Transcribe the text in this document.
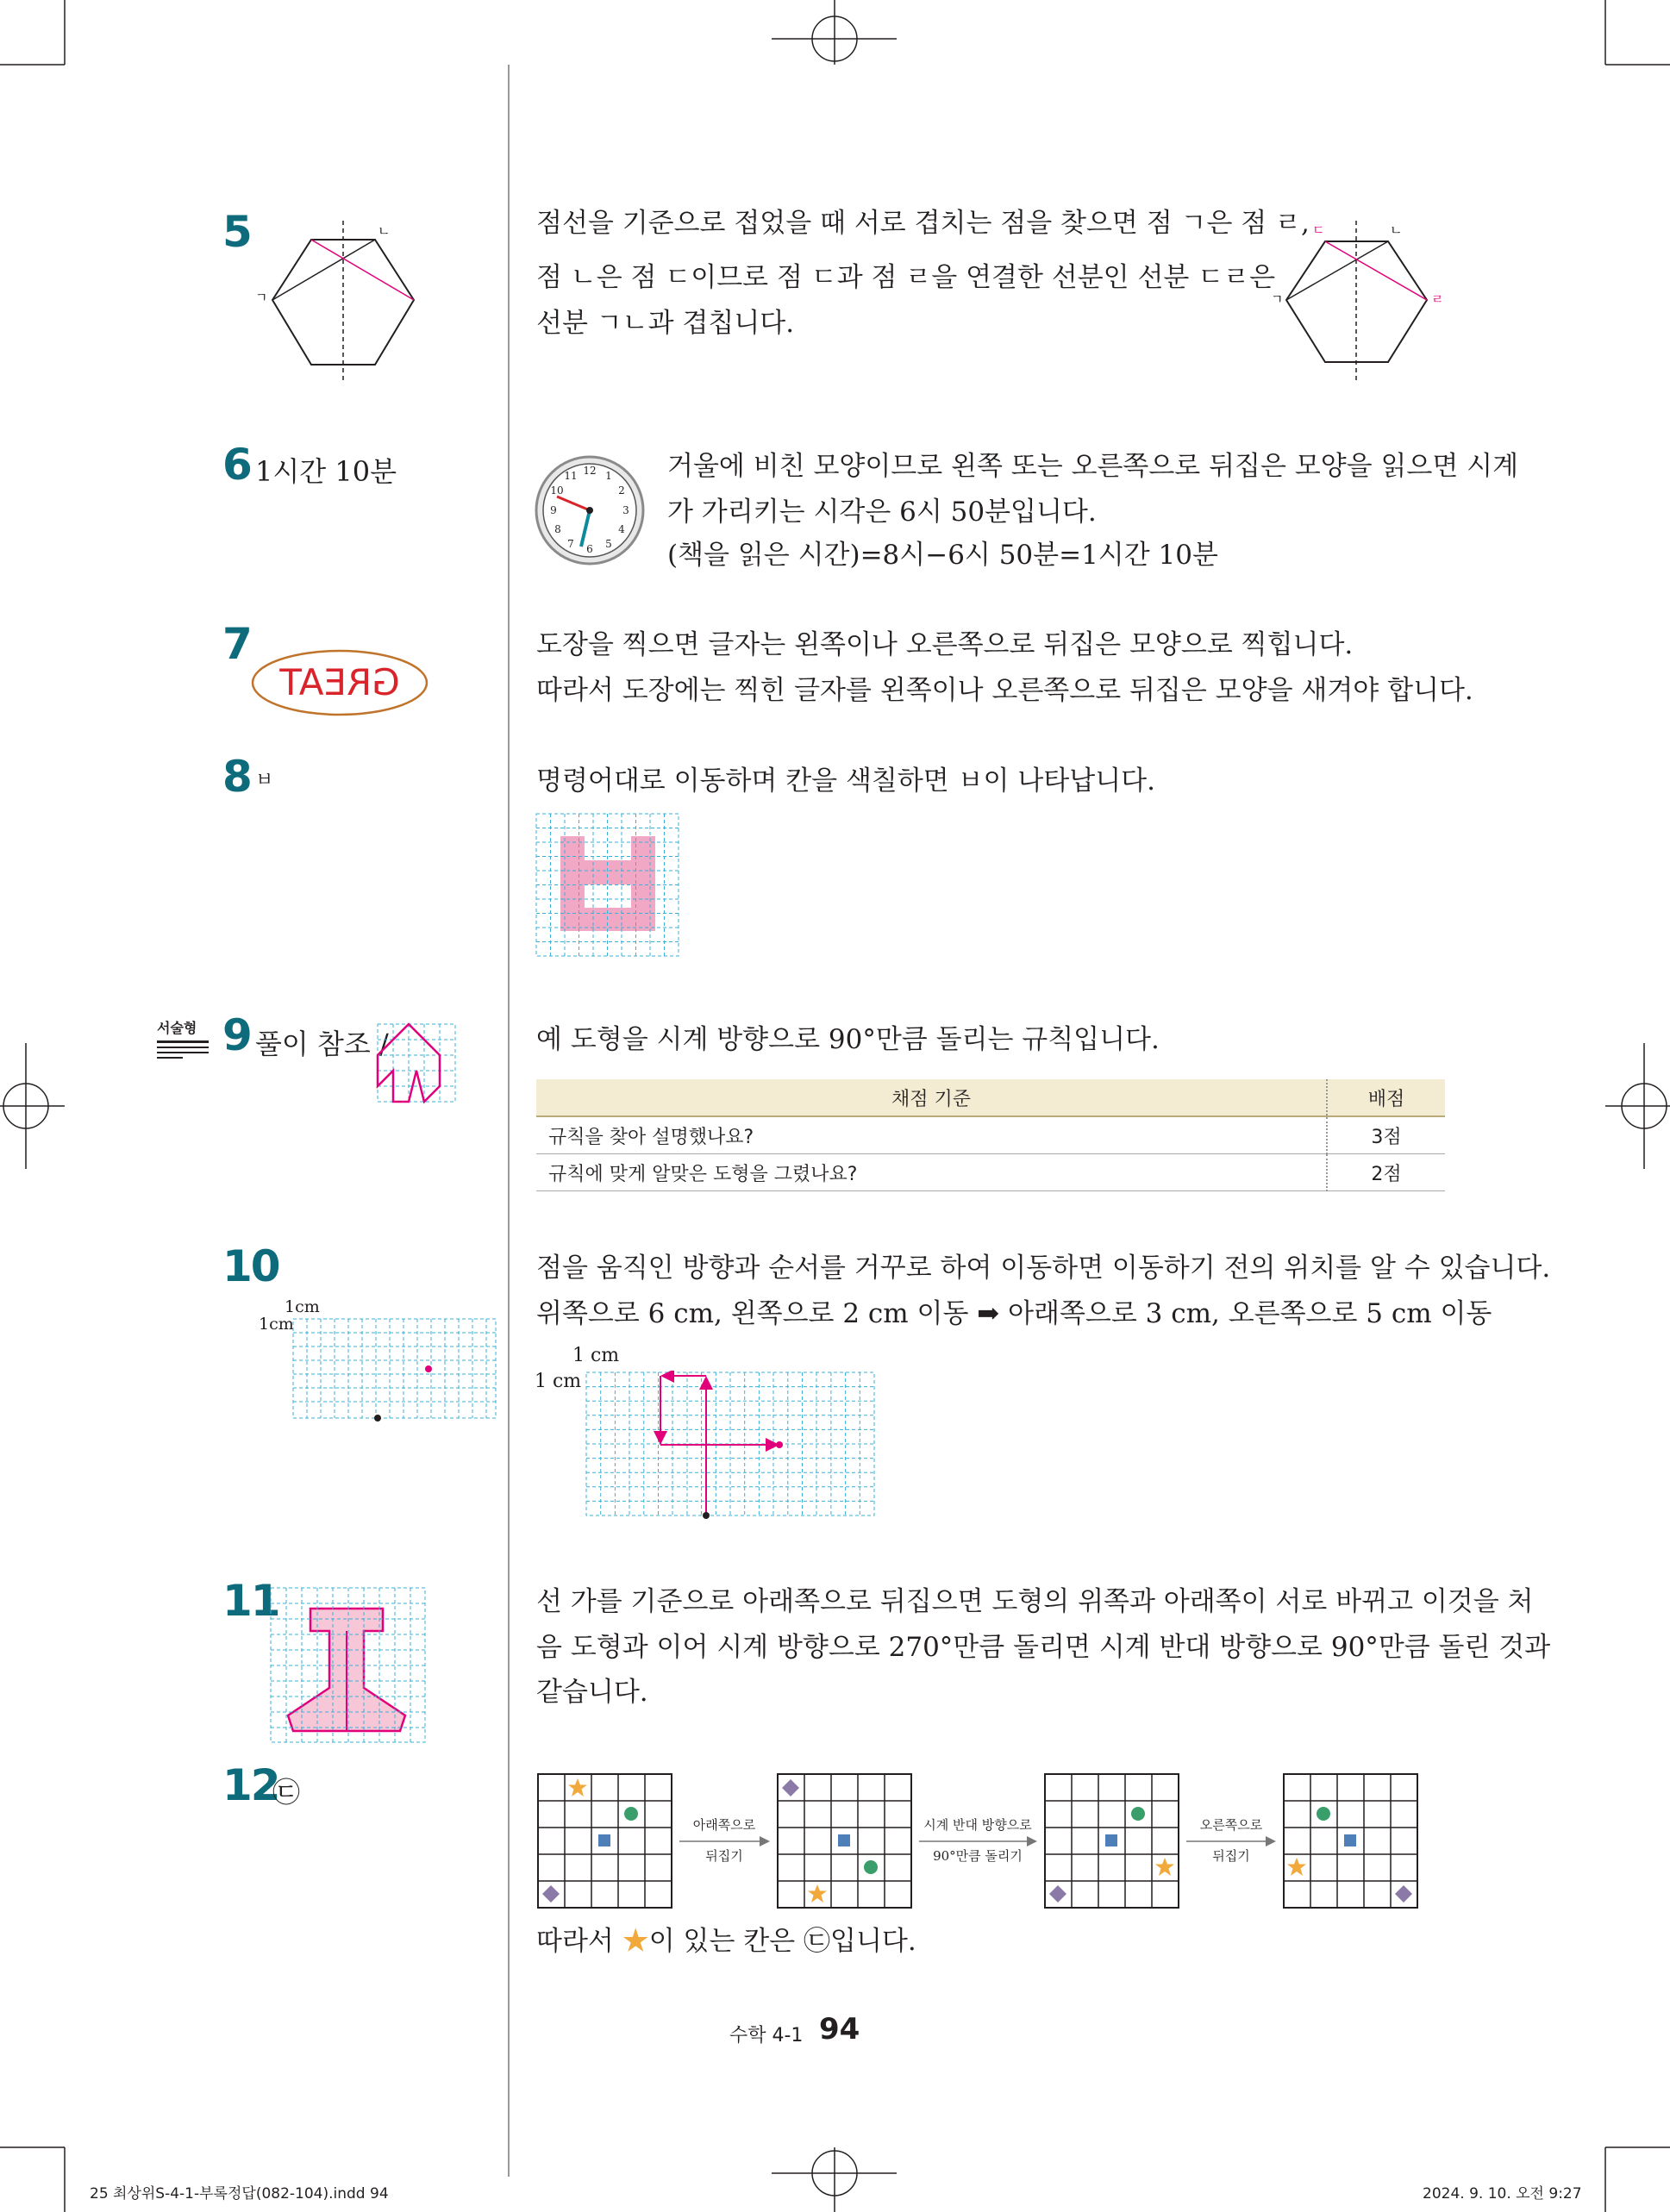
5	ㄴ
ㄱ
점선을 기준으로 접었을 때 서로 겹치는 점을 찾으면 점 ㄱ은 점 ㄹ,
점 ㄴ은 점 ㄷ이므로 점 ㄷ과 점 ㄹ을 연결한 선분인 선분 ㄷㄹ은
선분 ㄱㄴ과 겹칩니다.
ㄷ	ㄴ
ㄱ	ㄹ
6 1시간 10분	12 1
2
3
4
5
6
7
8
9
10
11	거울에 비친 모양이므로 왼쪽 또는 오른쪽으로 뒤집은 모양을 읽으면 시계
가 가리키는 시각은 6시 50분입니다.
(책을 읽은 시간)=8시−6시 50분=1시간 10분
7
GREAT
도장을 찍으면 글자는 왼쪽이나 오른쪽으로 뒤집은 모양으로 찍힙니다.
따라서 도장에는 찍힌 글자를 왼쪽이나 오른쪽으로 뒤집은 모양을 새겨야 합니다.
8 ㅂ	명령어대로 이동하며 칸을 색칠하면 ㅂ이 나타납니다.
서술형 9 풀이 참조 /	예 도형을 시계 방향으로 90°만큼 돌리는 규칙입니다.
채점 기준	배점
규칙을 찾아 설명했나요?	3점
규칙에 맞게 알맞은 도형을 그렸나요?	2점
10
1cm
1cm
점을 움직인 방향과 순서를 거꾸로 하여 이동하면 이동하기 전의 위치를 알 수 있습니다.
위쪽으로 6 cm, 왼쪽으로 2 cm 이동 ➡ 아래쪽으로 3 cm, 오른쪽으로 5 cm 이동
1 cm
1 cm
11	선 가를 기준으로 아래쪽으로 뒤집으면 도형의 위쪽과 아래쪽이 서로 바뀌고 이것을 처
음 도형과 이어 시계 방향으로 270°만큼 돌리면 시계 반대 방향으로 90°만큼 돌린 것과
같습니다.
12
㉢
아래쪽으로
뒤집기
시계 반대 방향으로
90°만큼 돌리기
오른쪽으로
뒤집기
따라서 ★이 있는 칸은 ㉢입니다.
수학 4-1 94
25 최상위S-4-1-부록정답(082-104).indd 94	2024. 9. 10. 오전 9:27
